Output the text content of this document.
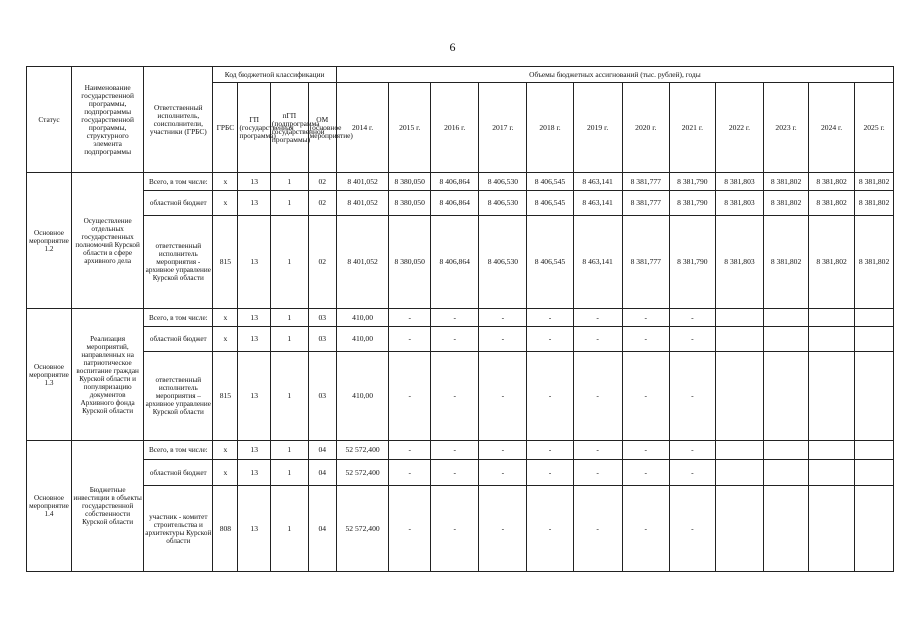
6
Статус	Наименование государственной программы, подпрограммы государственной программы, структурного элемента подпрограммы	Ответственный исполнитель, соисполнители, участники (ГРБС)	Код бюджетной классификации				Объемы бюджетных ассигнований (тыс. рублей), годы											
			ГРБС	ГП (государственная программа)	пГП (подпрограмма государственной программы)	ОМ (основное мероприятие)	2014 г.	2015 г.	2016 г.	2017 г.	2018 г.	2019 г.	2020 г.	2021 г.	2022 г.	2023 г.	2024 г.	2025 г.
Основное мероприятие 1.2	Осуществление отдельных государственных полномочий Курской области в сфере архивного дела	Всего, в том числе:	х	13	1	02	8 401,052	8 380,050	8 406,864	8 406,530	8 406,545	8 463,141	8 381,777	8 381,790	8 381,803	8 381,802	8 381,802	8 381,802
		областной бюджет	х	13	1	02	8 401,052	8 380,050	8 406,864	8 406,530	8 406,545	8 463,141	8 381,777	8 381,790	8 381,803	8 381,802	8 381,802	8 381,802
		ответственный исполнитель мероприятия - архивное управление Курской области	815	13	1	02	8 401,052	8 380,050	8 406,864	8 406,530	8 406,545	8 463,141	8 381,777	8 381,790	8 381,803	8 381,802	8 381,802	8 381,802
Основное мероприятие 1.3	Реализация мероприятий, направленных на патриотическое воспитание граждан Курской области и популяризацию документов Архивного фонда Курской области	Всего, в том числе:	х	13	1	03	410,00	-	-	-	-	-	-	-				
		областной бюджет	х	13	1	03	410,00	-	-	-	-	-	-	-				
		ответственный исполнитель мероприятия – архивное управление Курской области	815	13	1	03	410,00	-	-	-	-	-	-	-				
Основное мероприятие 1.4	Бюджетные инвестиции в объекты государственной собственности Курской области	Всего, в том числе:	х	13	1	04	52 572,400	-	-	-	-	-	-	-				
		областной бюджет	х	13	1	04	52 572,400	-	-	-	-	-	-	-				
		участник - комитет строительства и архитектуры Курской области	808	13	1	04	52 572,400	-	-	-	-	-	-	-				
